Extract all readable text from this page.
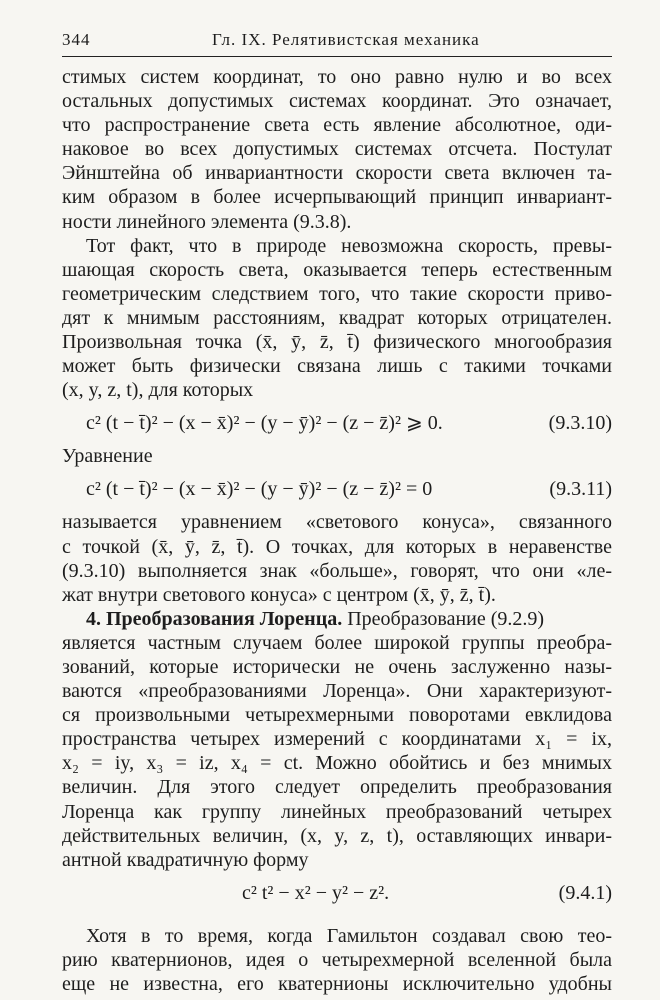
344	Гл. IX. Релятивистская механика
стимых систем координат, то оно равно нулю и во всех
остальных допустимых системах координат. Это означает,
что распространение света есть явление абсолютное, оди-
наковое во всех допустимых системах отсчета. Постулат
Эйнштейна об инвариантности скорости света включен та-
ким образом в более исчерпывающий принцип инвариант-
ности линейного элемента (9.3.8).
Тот факт, что в природе невозможна скорость, превы-
шающая скорость света, оказывается теперь естественным
геометрическим следствием того, что такие скорости приво-
дят к мнимым расстояниям, квадрат которых отрицателен.
Произвольная точка (x̄, ȳ, z̄, t̄) физического многообразия
может быть физически связана лишь с такими точками
(x, y, z, t), для которых
c² (t − t̄)² − (x − x̄)² − (y − ȳ)² − (z − z̄)² ⩾ 0.	(9.3.10)
Уравнение
c² (t − t̄)² − (x − x̄)² − (y − ȳ)² − (z − z̄)² = 0	(9.3.11)
называется уравнением «светового конуса», связанного
с точкой (x̄, ȳ, z̄, t̄). О точках, для которых в неравенстве
(9.3.10) выполняется знак «больше», говорят, что они «ле-
жат внутри светового конуса» с центром (x̄, ȳ, z̄, t̄).
4. Преобразования Лоренца. Преобразование (9.2.9)
является частным случаем более широкой группы преобра-
зований, которые исторически не очень заслуженно назы-
ваются «преобразованиями Лоренца». Они характеризуют-
ся произвольными четырехмерными поворотами евклидова
пространства четырех измерений с координатами x₁ = ix,
x₂ = iy, x₃ = iz, x₄ = ct. Можно обойтись и без мнимых
величин. Для этого следует определить преобразования
Лоренца как группу линейных преобразований четырех
действительных величин, (x, y, z, t), оставляющих инвари-
антной квадратичную форму
c² t² − x² − y² − z².	(9.4.1)
Хотя в то время, когда Гамильтон создавал свою тео-
рию кватернионов, идея о четырехмерной вселенной была
еще не известна, его кватернионы исключительно удобны
